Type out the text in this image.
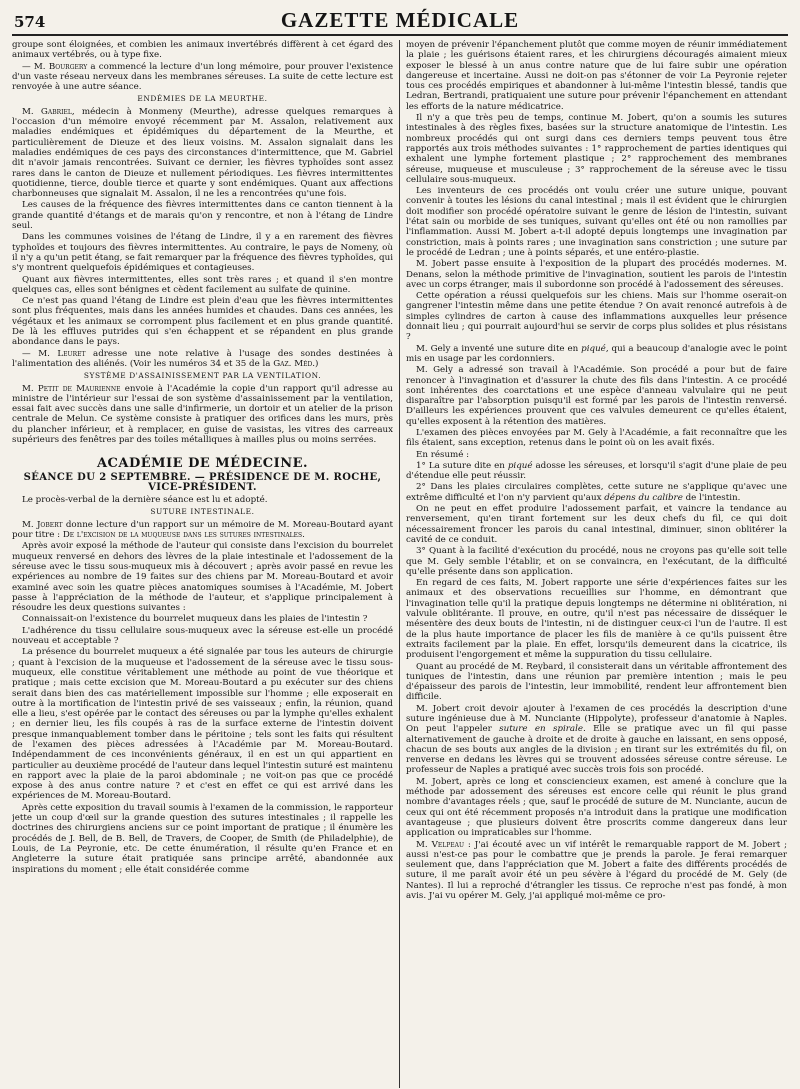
574	GAZETTE MÉDICALE

groupe sont éloignées, et combien les animaux invertébrés diffèrent à cet égard des animaux vertébrés, ou à type fixe.

— M. Bourgery a commencé la lecture d'un long mémoire, pour prouver l'existence d'un vaste réseau nerveux dans les membranes séreuses. La suite de cette lecture est renvoyée à une autre séance.

ENDÉMIES DE LA MEURTHE.

M. Gabriel, médecin à Monmeny (Meurthe), adresse quelques remarques à l'occasion d'un mémoire envoyé récemment par M. Assalon, relativement aux maladies endémiques et épidémiques du département de la Meurthe, et particulièrement de Dieuze et des lieux voisins. M. Assalon signalait dans les maladies endémiques de ces pays des circonstances d'intermittence, que M. Gabriel dit n'avoir jamais rencontrées. Suivant ce dernier, les fièvres typhoïdes sont assez rares dans le canton de Dieuze et nullement périodiques. Les fièvres intermittentes quotidienne, tierce, double tierce et quarte y sont endémiques. Quant aux affections charbonneuses que signalait M. Assalon, il ne les a rencontrées qu'une fois.

Les causes de la fréquence des fièvres intermittentes dans ce canton tiennent à la grande quantité d'étangs et de marais qu'on y rencontre, et non à l'étang de Lindre seul.

Dans les communes voisines de l'étang de Lindre, il y a en rarement des fièvres typhoïdes et toujours des fièvres intermittentes. Au contraire, le pays de Nomeny, où il n'y a qu'un petit étang, se fait remarquer par la fréquence des fièvres typhoïdes, qui s'y montrent quelquefois épidémiques et contagieuses.

Quant aux fièvres intermittentes, elles sont très rares ; et quand il s'en montre quelques cas, elles sont bénignes et cèdent facilement au sulfate de quinine.

Ce n'est pas quand l'étang de Lindre est plein d'eau que les fièvres intermittentes sont plus fréquentes, mais dans les années humides et chaudes. Dans ces années, les végétaux et les animaux se corrompent plus facilement et en plus grande quantité. De là les effluves putrides qui s'en échappent et se répandent en plus grande abondance dans le pays.

— M. Leuret adresse une note relative à l'usage des sondes destinées à l'alimentation des aliénés. (Voir les numéros 34 et 35 de la Gaz. Méd.)

SYSTÈME D'ASSAINISSEMENT PAR LA VENTILATION.

M. Petit de Maurienne envoie à l'Académie la copie d'un rapport qu'il adresse au ministre de l'intérieur sur l'essai de son système d'assainissement par la ventilation, essai fait avec succès dans une salle d'infirmerie, un dortoir et un atelier de la prison centrale de Melun. Ce système consiste à pratiquer des orifices dans les murs, près du plancher inférieur, et à remplacer, en guise de vasistas, les vitres des carreaux supérieurs des fenêtres par des toiles métalliques à mailles plus ou moins serrées.

ACADÉMIE DE MÉDECINE.
SÉANCE DU 2 SEPTEMBRE. — PRÉSIDENCE DE M. ROCHE, VICE-PRÉSIDENT.

Le procès-verbal de la dernière séance est lu et adopté.

SUTURE INTESTINALE.

M. Jobert donne lecture d'un rapport sur un mémoire de M. Moreau-Boutard ayant pour titre : De l'excision de la muqueuse dans les sutures intestinales.

Après avoir exposé la méthode de l'auteur qui consiste dans l'excision du bourrelet muqueux renversé en dehors des lèvres de la plaie intestinale et l'adossement de la séreuse avec le tissu sous-muqueux mis à découvert ; après avoir passé en revue les expériences au nombre de 19 faites sur des chiens par M. Moreau-Boutard et avoir examiné avec soin les quatre pièces anatomiques soumises à l'Académie, M. Jobert passe à l'appréciation de la méthode de l'auteur, et s'applique principalement à résoudre les deux questions suivantes :

Connaissait-on l'existence du bourrelet muqueux dans les plaies de l'intestin ?

L'adhérence du tissu cellulaire sous-muqueux avec la séreuse est-elle un procédé nouveau et acceptable ?

La présence du bourrelet muqueux a été signalée par tous les auteurs de chirurgie ; quant à l'excision de la muqueuse et l'adossement de la séreuse avec le tissu sous-muqueux, elle constitue véritablement une méthode au point de vue théorique et pratique ; mais cette excision que M. Moreau-Boutard a pu exécuter sur des chiens serait dans bien des cas matériellement impossible sur l'homme ; elle exposerait en outre à la mortification de l'intestin privé de ses vaisseaux ; enfin, la réunion, quand elle a lieu, s'est opérée par le contact des séreuses ou par la lymphe qu'elles exhalent ; en dernier lieu, les fils coupés à ras de la surface externe de l'intestin doivent presque inmanquablement tomber dans le péritoine ; tels sont les faits qui résultent de l'examen des pièces adressées à l'Académie par M. Moreau-Boutard. Indépendamment de ces inconvénients généraux, il en est un qui appartient en particulier au deuxième procédé de l'auteur dans lequel l'intestin suturé est maintenu en rapport avec la plaie de la paroi abdominale ; ne voit-on pas que ce procédé expose à des anus contre nature ? et c'est en effet ce qui est arrivé dans les expériences de M. Moreau-Boutard.

Après cette exposition du travail soumis à l'examen de la commission, le rapporteur jette un coup d'œil sur la grande question des sutures intestinales ; il rappelle les doctrines des chirurgiens anciens sur ce point important de pratique ; il énumère les procédés de J. Bell, de B. Bell, de Travers, de Cooper, de Smith (de Philadelphie), de Louis, de La Peyronie, etc. De cette énumération, il résulte qu'en France et en Angleterre la suture était pratiquée sans principe arrêté, abandonnée aux inspirations du moment ; elle était considérée comme

moyen de prévenir l'épanchement plutôt que comme moyen de réunir immédiatement la plaie ; les guérisons étaient rares, et les chirurgiens découragés aimaient mieux exposer le blessé à un anus contre nature que de lui faire subir une opération dangereuse et incertaine. Aussi ne doit-on pas s'étonner de voir La Peyronie rejeter tous ces procédés empiriques et abandonner à lui-même l'intestin blessé, tandis que Ledran, Bertrandi, pratiquaient une suture pour prévenir l'épanchement en attendant les efforts de la nature médicatrice.

Il n'y a que très peu de temps, continue M. Jobert, qu'on a soumis les sutures intestinales à des règles fixes, basées sur la structure anatomique de l'intestin. Les nombreux procédés qui ont surgi dans ces derniers temps peuvent tous être rapportés aux trois méthodes suivantes : 1° rapprochement de parties identiques qui exhalent une lymphe fortement plastique ; 2° rapprochement des membranes séreuse, muqueuse et musculeuse ; 3° rapprochement de la séreuse avec le tissu cellulaire sous-muqueux.

Les inventeurs de ces procédés ont voulu créer une suture unique, pouvant convenir à toutes les lésions du canal intestinal ; mais il est évident que le chirurgien doit modifier son procédé opératoire suivant le genre de lésion de l'intestin, suivant l'état sain ou morbide de ses tuniques, suivant qu'elles ont été ou non ramollies par l'inflammation. Aussi M. Jobert a-t-il adopté depuis longtemps une invagination par constriction, mais à points rares ; une invagination sans constriction ; une suture par le procédé de Ledran ; une à points séparés, et une entéro-plastie.

M. Jobert passe ensuite à l'exposition de la plupart des procédés modernes. M. Denans, selon la méthode primitive de l'invagination, soutient les parois de l'intestin avec un corps étranger, mais il subordonne son procédé à l'adossement des séreuses.

Cette opération a réussi quelquefois sur les chiens. Mais sur l'homme oserait-on gangrener l'intestin même dans une petite étendue ? On avait renoncé autrefois à de simples cylindres de carton à cause des inflammations auxquelles leur présence donnait lieu ; qui pourrait aujourd'hui se servir de corps plus solides et plus résistans ?

M. Gely a inventé une suture dite en piqué, qui a beaucoup d'analogie avec le point mis en usage par les cordonniers.

M. Gely a adressé son travail à l'Académie. Son procédé a pour but de faire renoncer à l'invagination et d'assurer la chute des fils dans l'intestin. A ce procédé sont inhérentes des coarctations et une espèce d'anneau valvulaire qui ne peut disparaître par l'absorption puisqu'il est formé par les parois de l'intestin renversé. D'ailleurs les expériences prouvent que ces valvules demeurent ce qu'elles étaient, qu'elles exposent à la rétention des matières.

L'examen des pièces envoyées par M. Gely à l'Académie, a fait reconnaître que les fils étaient, sans exception, retenus dans le point où on les avait fixés.

En résumé :

1° La suture dite en piqué adosse les séreuses, et lorsqu'il s'agit d'une plaie de peu d'étendue elle peut réussir.

2° Dans les plaies circulaires complètes, cette suture ne s'applique qu'avec une extrême difficulté et l'on n'y parvient qu'aux dépens du calibre de l'intestin.

On ne peut en effet produire l'adossement parfait, et vaincre la tendance au renversement, qu'en tirant fortement sur les deux chefs du fil, ce qui doit nécessairement froncer les parois du canal intestinal, diminuer, sinon oblitérer la cavité de ce conduit.

3° Quant à la facilité d'exécution du procédé, nous ne croyons pas qu'elle soit telle que M. Gely semble l'établir, et on se convaincra, en l'exécutant, de la difficulté qu'elle présente dans son application.

En regard de ces faits, M. Jobert rapporte une série d'expériences faites sur les animaux et des observations recueillies sur l'homme, en démontrant que l'invagination telle qu'il la pratique depuis longtemps ne détermine ni oblitération, ni valvule oblitérante. Il prouve, en outre, qu'il n'est pas nécessaire de disséquer le mésentère des deux bouts de l'intestin, ni de distinguer ceux-ci l'un de l'autre. Il est de la plus haute importance de placer les fils de manière à ce qu'ils puissent être extraits facilement par la plaie. En effet, lorsqu'ils demeurent dans la cicatrice, ils produisent l'engorgement et même la suppuration du tissu cellulaire.

Quant au procédé de M. Reybard, il consisterait dans un véritable affrontement des tuniques de l'intestin, dans une réunion par première intention ; mais le peu d'épaisseur des parois de l'intestin, leur immobilité, rendent leur affrontement bien difficile.

M. Jobert croit devoir ajouter à l'examen de ces procédés la description d'une suture ingénieuse due à M. Nunciante (Hippolyte), professeur d'anatomie à Naples. On peut l'appeler suture en spirale. Elle se pratique avec un fil qui passe alternativement de gauche à droite et de droite à gauche en laissant, en sens opposé, chacun de ses bouts aux angles de la division ; en tirant sur les extrémités du fil, on renverse en dedans les lèvres qui se trouvent adossées séreuse contre séreuse. Le professeur de Naples a pratiqué avec succès trois fois son procédé.

M. Jobert, après ce long et consciencieux examen, est amené à conclure que la méthode par adossement des séreuses est encore celle qui réunit le plus grand nombre d'avantages réels ; que, sauf le procédé de suture de M. Nunciante, aucun de ceux qui ont été récemment proposés n'a introduit dans la pratique une modification avantageuse ; que plusieurs doivent être proscrits comme dangereux dans leur application ou impraticables sur l'homme.

M. Velpeau : J'ai écouté avec un vif intérêt le remarquable rapport de M. Jobert ; aussi n'est-ce pas pour le combattre que je prends la parole. Je ferai remarquer seulement que, dans l'appréciation que M. Jobert a faite des différents procédés de suture, il me paraît avoir été un peu sévère à l'égard du procédé de M. Gely (de Nantes). Il lui a reproché d'étrangler les tissus. Ce reproche n'est pas fondé, à mon avis. J'ai vu opérer M. Gely, j'ai appliqué moi-même ce pro-
